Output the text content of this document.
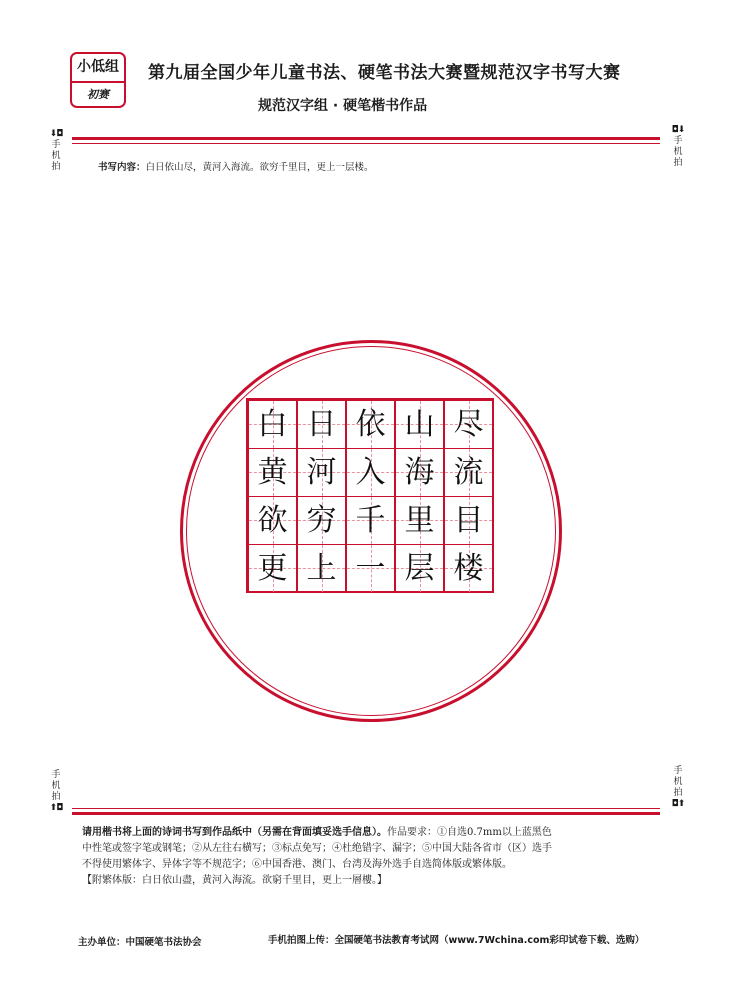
小低组
初赛
第九届全国少年儿童书法、硬笔书法大赛暨规范汉字书写大赛
规范汉字组 · 硬笔楷书作品
⬇◘
手
机
拍
◘⬇
手
机
拍
书写内容：白日依山尽，黄河入海流。欲穷千里目，更上一层楼。
白 日 依 山 尽
黄 河 入 海 流
欲 穷 千 里 目
更 上 一 层 楼
手
机
拍
⬆◘
手
机
拍
◘⬆
请用楷书将上面的诗词书写到作品纸中（另需在背面填妥选手信息）。作品要求：①自选0.7mm以上蓝黑色
中性笔或签字笔或钢笔；②从左往右横写；③标点免写；④杜绝错字、漏字；⑤中国大陆各省市（区）选手
不得使用繁体字、异体字等不规范字；⑥中国香港、澳门、台湾及海外选手自选简体版或繁体版。
【附繁体版：白日依山盡，黄河入海流。欲窮千里目，更上一層樓。】
主办单位：中国硬笔书法协会	手机拍图上传：全国硬笔书法教育考试网（www.7Wchina.com彩印试卷下载、选购）
